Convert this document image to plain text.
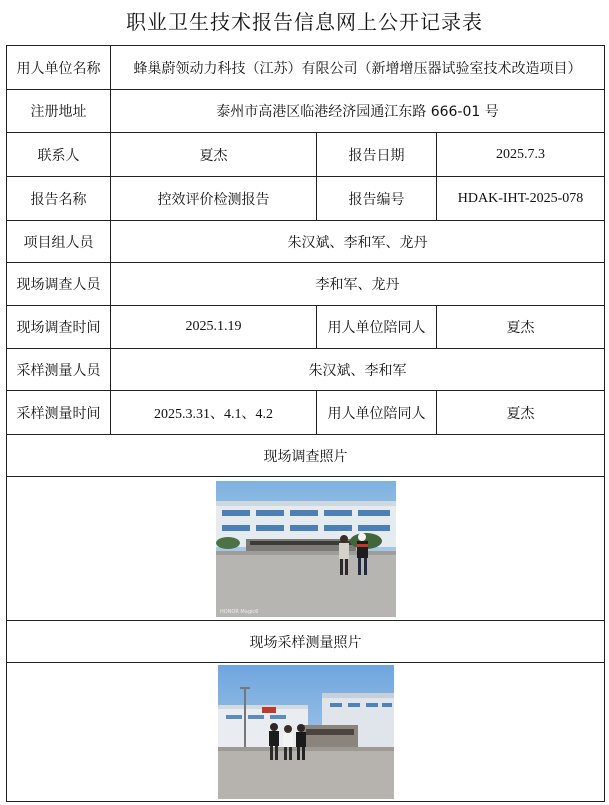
职业卫生技术报告信息网上公开记录表
用人单位名称	蜂巢蔚领动力科技（江苏）有限公司（新增增压器试验室技术改造项目）		
注册地址	泰州市高港区临港经济园通江东路 666-01 号		
联系人	夏杰	报告日期	2025.7.3
报告名称	控效评价检测报告	报告编号	HDAK-IHT-2025-078
项目组人员	朱汉斌、李和军、龙丹		
现场调查人员	李和军、龙丹		
现场调查时间	2025.1.19	用人单位陪同人	夏杰
采样测量人员	朱汉斌、李和军		
采样测量时间	2025.3.31、4.1、4.2	用人单位陪同人	夏杰
现场调查照片			

HONOR Magic6			

现场采样测量照片			
